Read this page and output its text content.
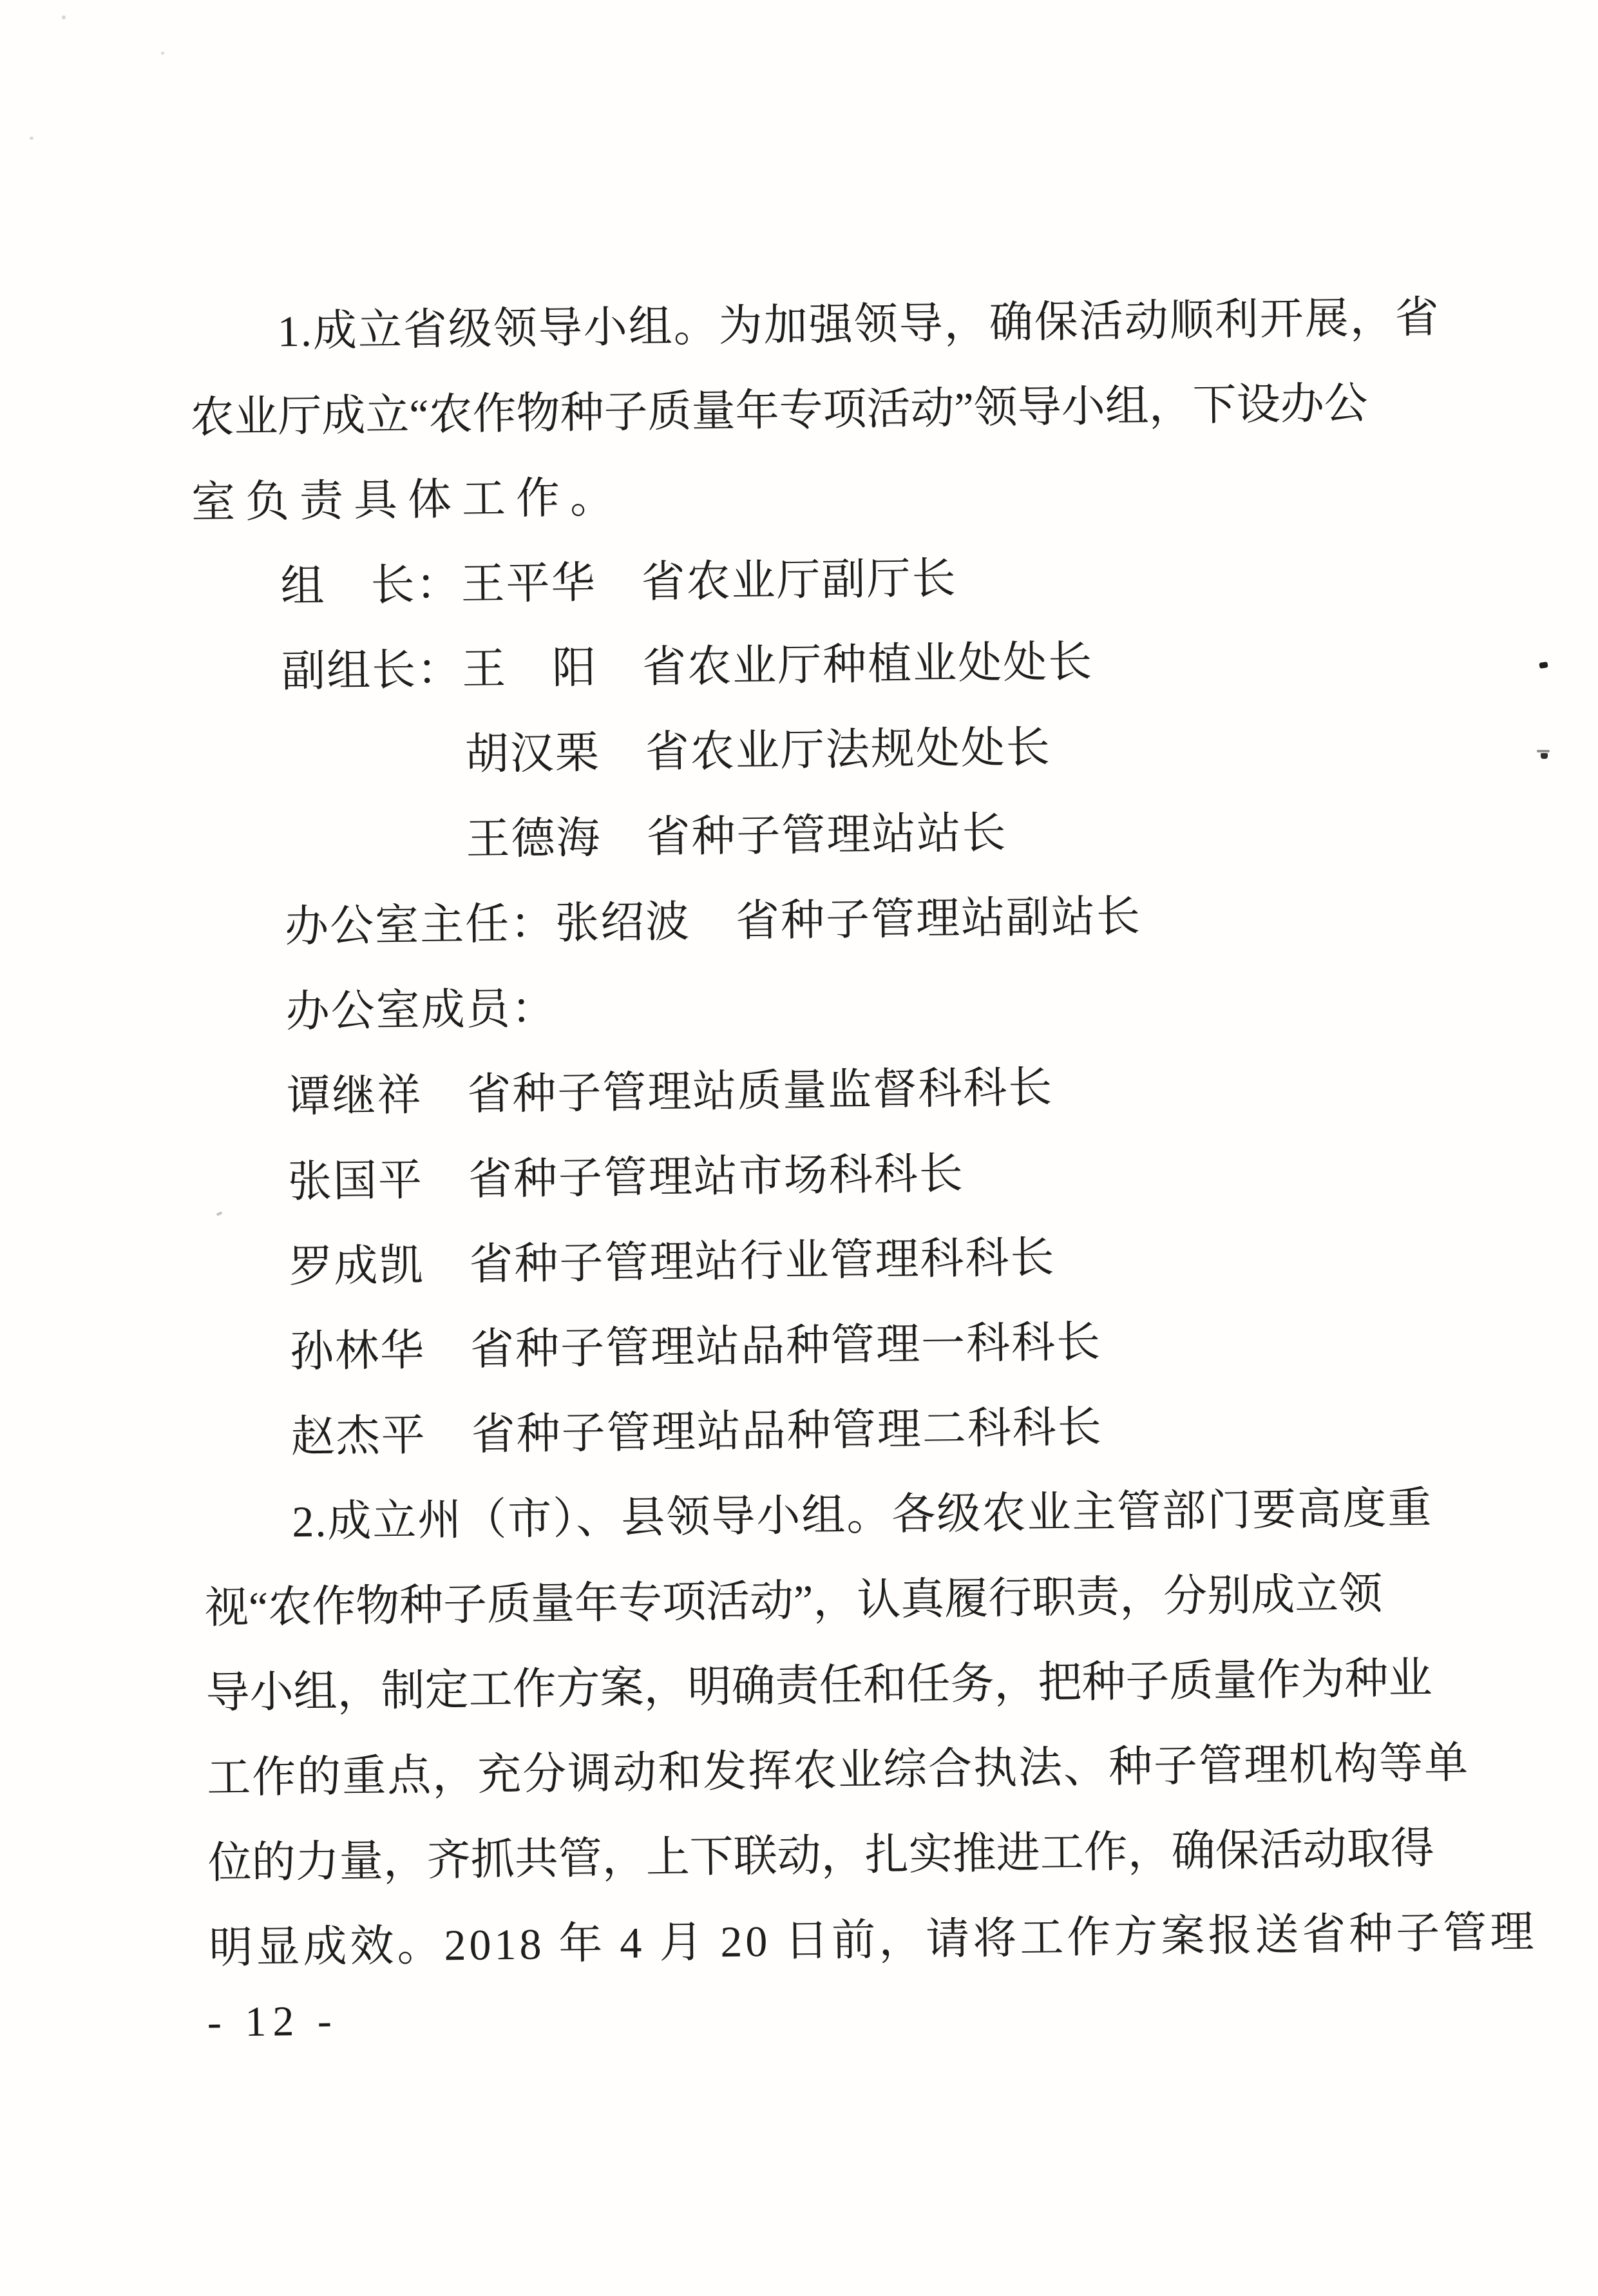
1.成立省级领导小组。为加强领导，确保活动顺利开展，省
农业厅成立“农作物种子质量年专项活动”领导小组，下设办公
室负责具体工作。
组　长：王平华 省农业厅副厅长
副组长：王　阳 省农业厅种植业处处长
胡汉栗 省农业厅法规处处长
王德海 省种子管理站站长
办公室主任：张绍波 省种子管理站副站长
办公室成员：
谭继祥 省种子管理站质量监督科科长
张国平 省种子管理站市场科科长
罗成凯 省种子管理站行业管理科科长
孙林华 省种子管理站品种管理一科科长
赵杰平 省种子管理站品种管理二科科长
2.成立州（市）、县领导小组。各级农业主管部门要高度重
视“农作物种子质量年专项活动”，认真履行职责，分别成立领
导小组，制定工作方案，明确责任和任务，把种子质量作为种业
工作的重点，充分调动和发挥农业综合执法、种子管理机构等单
位的力量，齐抓共管，上下联动，扎实推进工作，确保活动取得
明显成效。2018 年 4 月 20 日前，请将工作方案报送省种子管理
- 12 -
